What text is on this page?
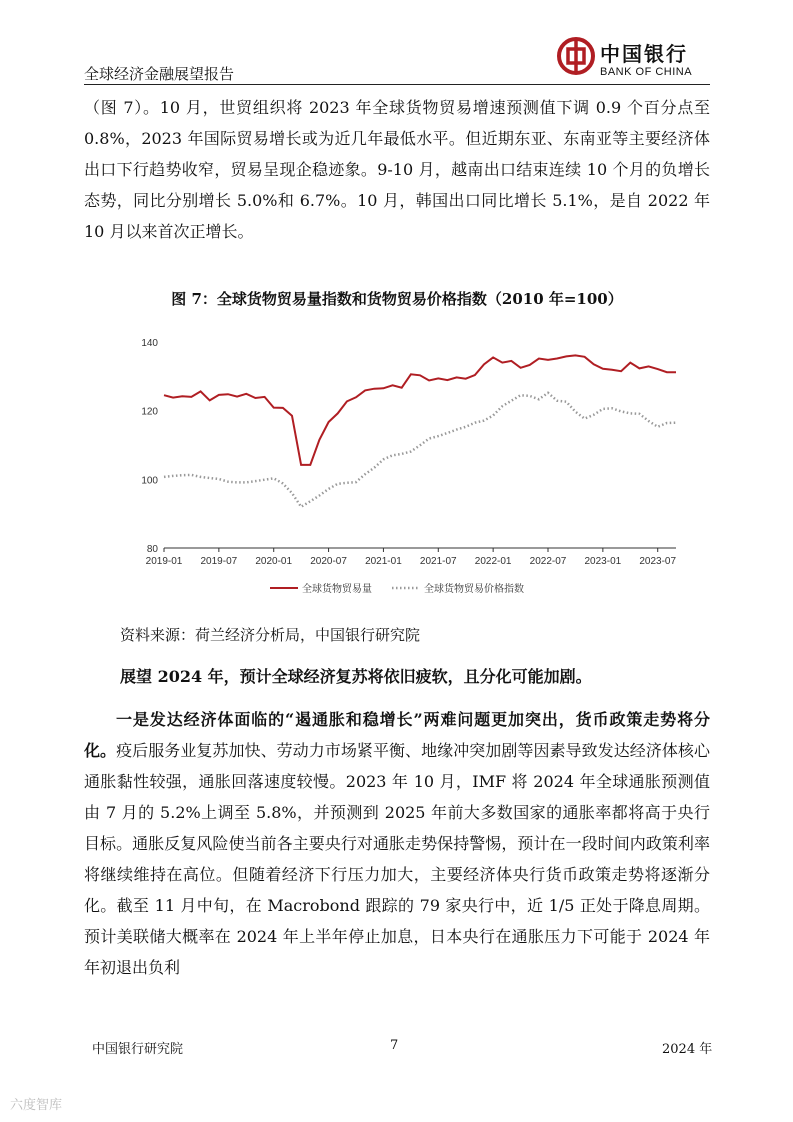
全球经济金融展望报告
中国银行
BANK OF CHINA

（图 7）。10 月，世贸组织将 2023 年全球货物贸易增速预测值下调 0.9 个百分点至 0.8%，2023 年国际贸易增长或为近几年最低水平。但近期东亚、东南亚等主要经济体出口下行趋势收窄，贸易呈现企稳迹象。9-10 月，越南出口结束连续 10 个月的负增长态势，同比分别增长 5.0%和 6.7%。10 月，韩国出口同比增长 5.1%，是自 2022 年 10 月以来首次正增长。

图 7：全球货物贸易量指数和货物贸易价格指数（2010 年=100）
80
100
120
140
2019-01 2019-07 2020-01 2020-07 2021-01 2021-07 2022-01 2022-07 2023-01 2023-07
全球货物贸易量	全球货物贸易价格指数
资料来源：荷兰经济分析局，中国银行研究院
展望 2024 年，预计全球经济复苏将依旧疲软，且分化可能加剧。

一是发达经济体面临的“遏通胀和稳增长”两难问题更加突出，货币政策走势将分化。疫后服务业复苏加快、劳动力市场紧平衡、地缘冲突加剧等因素导致发达经济体核心通胀黏性较强，通胀回落速度较慢。2023 年 10 月，IMF 将 2024 年全球通胀预测值由 7 月的 5.2%上调至 5.8%，并预测到 2025 年前大多数国家的通胀率都将高于央行目标。通胀反复风险使当前各主要央行对通胀走势保持警惕，预计在一段时间内政策利率将继续维持在高位。但随着经济下行压力加大，主要经济体央行货币政策走势将逐渐分化。截至 11 月中旬，在 Macrobond 跟踪的 79 家央行中，近 1/5 正处于降息周期。预计美联储大概率在 2024 年上半年停止加息，日本央行在通胀压力下可能于 2024 年年初退出负利

中国银行研究院	7	2024 年
六度智库
